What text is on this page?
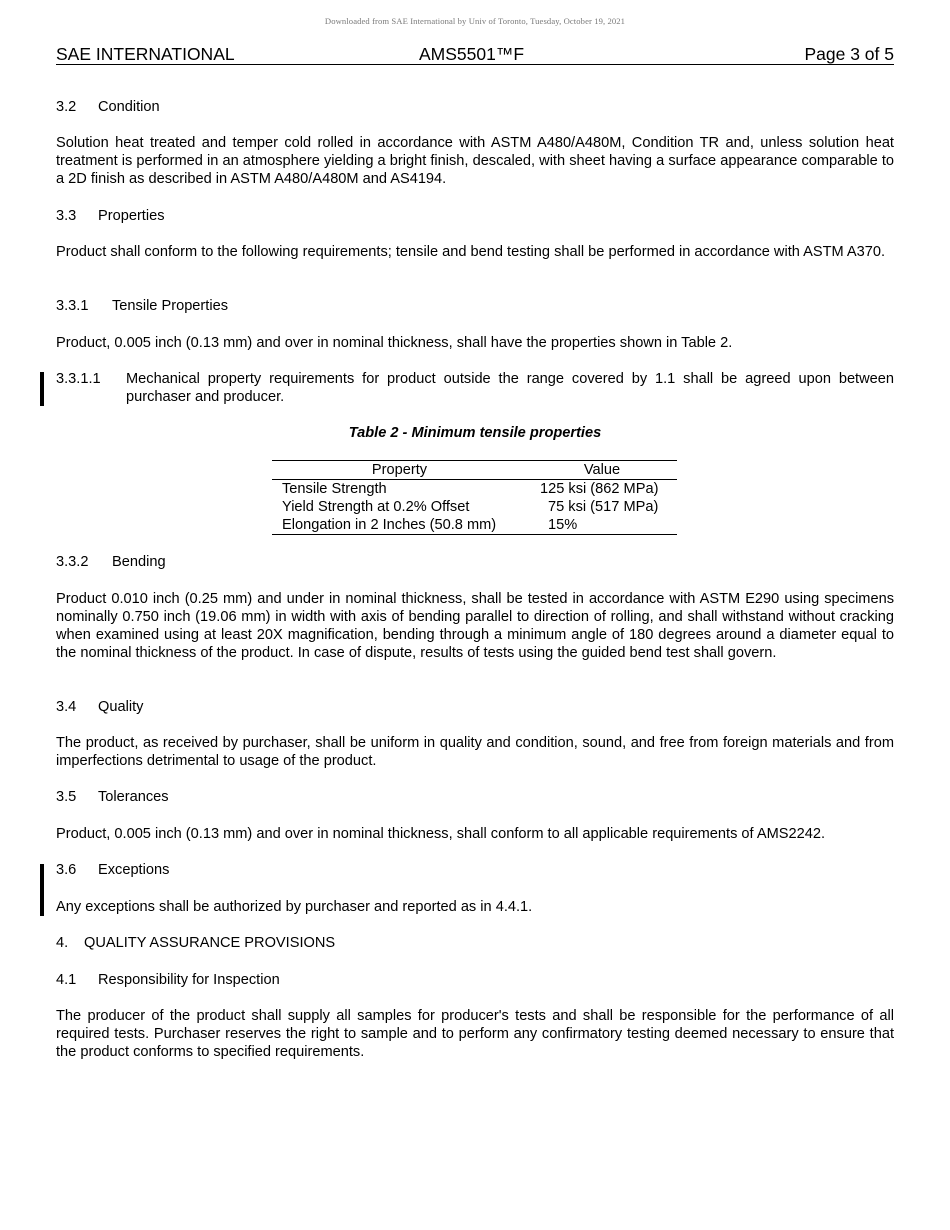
Downloaded from SAE International by Univ of Toronto, Tuesday, October 19, 2021
SAE INTERNATIONAL	AMS5501™F	Page 3 of 5
3.2 Condition
Solution heat treated and temper cold rolled in accordance with ASTM A480/A480M, Condition TR and, unless solution heat treatment is performed in an atmosphere yielding a bright finish, descaled, with sheet having a surface appearance comparable to a 2D finish as described in ASTM A480/A480M and AS4194.
3.3 Properties
Product shall conform to the following requirements; tensile and bend testing shall be performed in accordance with ASTM A370.
3.3.1 Tensile Properties
Product, 0.005 inch (0.13 mm) and over in nominal thickness, shall have the properties shown in Table 2.
3.3.1.1	Mechanical property requirements for product outside the range covered by 1.1 shall be agreed upon between purchaser and producer.
Table 2 - Minimum tensile properties
Property	Value
Tensile Strength	125 ksi (862 MPa)
Yield Strength at 0.2% Offset	75 ksi (517 MPa)
Elongation in 2 Inches (50.8 mm)	15%
3.3.2 Bending
Product 0.010 inch (0.25 mm) and under in nominal thickness, shall be tested in accordance with ASTM E290 using specimens nominally 0.750 inch (19.06 mm) in width with axis of bending parallel to direction of rolling, and shall withstand without cracking when examined using at least 20X magnification, bending through a minimum angle of 180 degrees around a diameter equal to the nominal thickness of the product. In case of dispute, results of tests using the guided bend test shall govern.
3.4 Quality
The product, as received by purchaser, shall be uniform in quality and condition, sound, and free from foreign materials and from imperfections detrimental to usage of the product.
3.5 Tolerances
Product, 0.005 inch (0.13 mm) and over in nominal thickness, shall conform to all applicable requirements of AMS2242.
3.6 Exceptions
Any exceptions shall be authorized by purchaser and reported as in 4.4.1.
4. QUALITY ASSURANCE PROVISIONS
4.1 Responsibility for Inspection
The producer of the product shall supply all samples for producer's tests and shall be responsible for the performance of all required tests. Purchaser reserves the right to sample and to perform any confirmatory testing deemed necessary to ensure that the product conforms to specified requirements.
